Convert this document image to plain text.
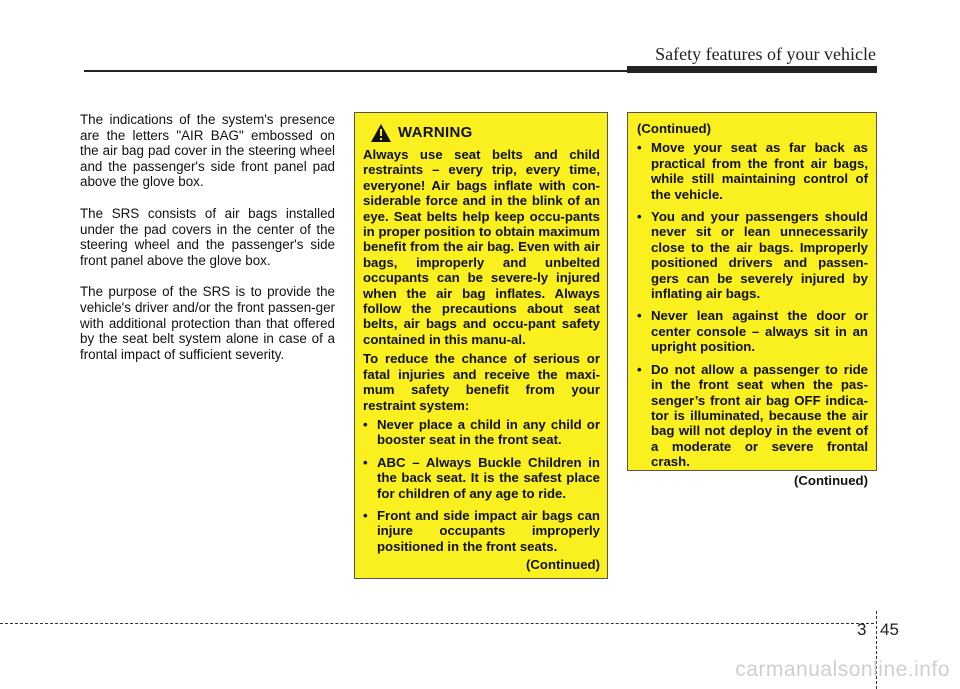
Safety features of your vehicle

The indications of the system's presence are the letters "AIR BAG" embossed on the air bag pad cover in the steering wheel and the passenger's side front panel pad above the glove box.

The SRS consists of air bags installed under the pad covers in the center of the steering wheel and the passenger's side front panel above the glove box.

The purpose of the SRS is to provide the vehicle's driver and/or the front passen-ger with additional protection than that offered by the seat belt system alone in case of a frontal impact of sufficient severity.

WARNING

Always use seat belts and child restraints – every trip, every time, everyone! Air bags inflate with con-siderable force and in the blink of an eye. Seat belts help keep occu-pants in proper position to obtain maximum benefit from the air bag. Even with air bags, improperly and unbelted occupants can be severe-ly injured when the air bag inflates. Always follow the precautions about seat belts, air bags and occu-pant safety contained in this manu-al.

To reduce the chance of serious or fatal injuries and receive the maxi-mum safety benefit from your restraint system:

• Never place a child in any child or booster seat in the front seat.
• ABC – Always Buckle Children in the back seat. It is the safest place for children of any age to ride.
• Front and side impact air bags can injure occupants improperly positioned in the front seats.
(Continued)

(Continued)

• Move your seat as far back as practical from the front air bags, while still maintaining control of the vehicle.
• You and your passengers should never sit or lean unnecessarily close to the air bags. Improperly positioned drivers and passen-gers can be severely injured by inflating air bags.
• Never lean against the door or center console – always sit in an upright position.
• Do not allow a passenger to ride in the front seat when the pas-senger’s front air bag OFF indica-tor is illuminated, because the air bag will not deploy in the event of a moderate or severe frontal crash.
(Continued)
3 45
carmanualsonline.info
